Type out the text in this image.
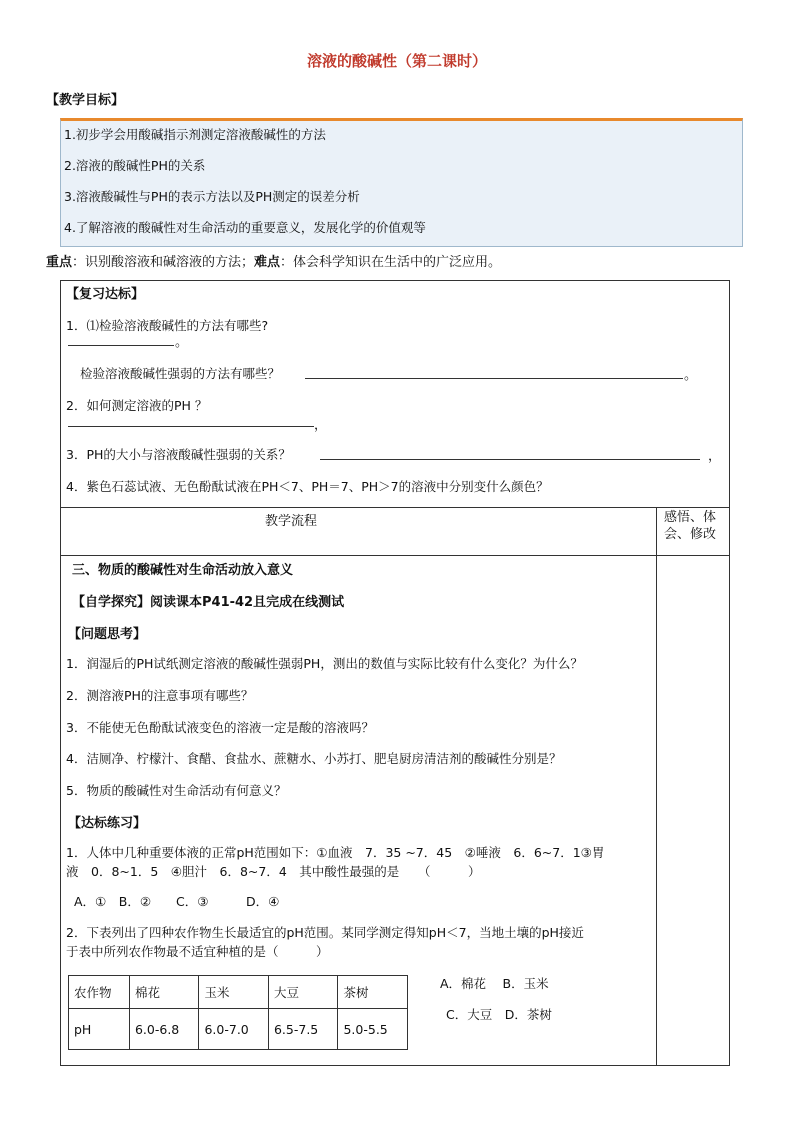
溶液的酸碱性（第二课时）
【教学目标】
1.初步学会用酸碱指示剂测定溶液酸碱性的方法
2.溶液的酸碱性PH的关系
3.溶液酸碱性与PH的表示方法以及PH测定的误差分析
4.了解溶液的酸碱性对生命活动的重要意义，发展化学的价值观等
重点：识别酸溶液和碱溶液的方法；难点：体会科学知识在生活中的广泛应用。
【复习达标】
1．⑴检验溶液酸碱性的方法有哪些?
。
检验溶液酸碱性强弱的方法有哪些？	。
2．如何测定溶液的PH ？
，
3．PH的大小与溶液酸碱性强弱的关系？	，
4．紫色石蕊试液、无色酚酞试液在PH＜7、PH＝7、PH＞7的溶液中分别变什么颜色？
教学流程	感悟、体会、修改
三、物质的酸碱性对生命活动放入意义
【自学探究】阅读课本P41-42且完成在线测试
【问题思考】
1．润湿后的PH试纸测定溶液的酸碱性强弱PH，测出的数值与实际比较有什么变化？为什么？
2．测溶液PH的注意事项有哪些？
3．不能使无色酚酞试液变色的溶液一定是酸的溶液吗？
4．洁厕净、柠檬汁、食醋、食盐水、蔗糖水、小苏打、肥皂厨房清洁剂的酸碱性分别是？
5．物质的酸碱性对生命活动有何意义？
【达标练习】
1．人体中几种重要体液的正常pH范围如下：①血液　7．35 ~7．45　②唾液　6．6~7．1③胃
液　0．8~1．5　④胆汁　6．8~7．4　其中酸性最强的是　　（　　　）
A．①　B．②　　C．③　　　D．④
2．下表列出了四种农作物生长最适宜的pH范围。某同学测定得知pH＜7，当地土壤的pH接近
于表中所列农作物最不适宜种植的是（　　　）
农作物	棉花	玉米	大豆	茶树
pH	6.0-6.8	6.0-7.0	6.5-7.5	5.0-5.5
A．棉花　 B．玉米
C．大豆　D．茶树
